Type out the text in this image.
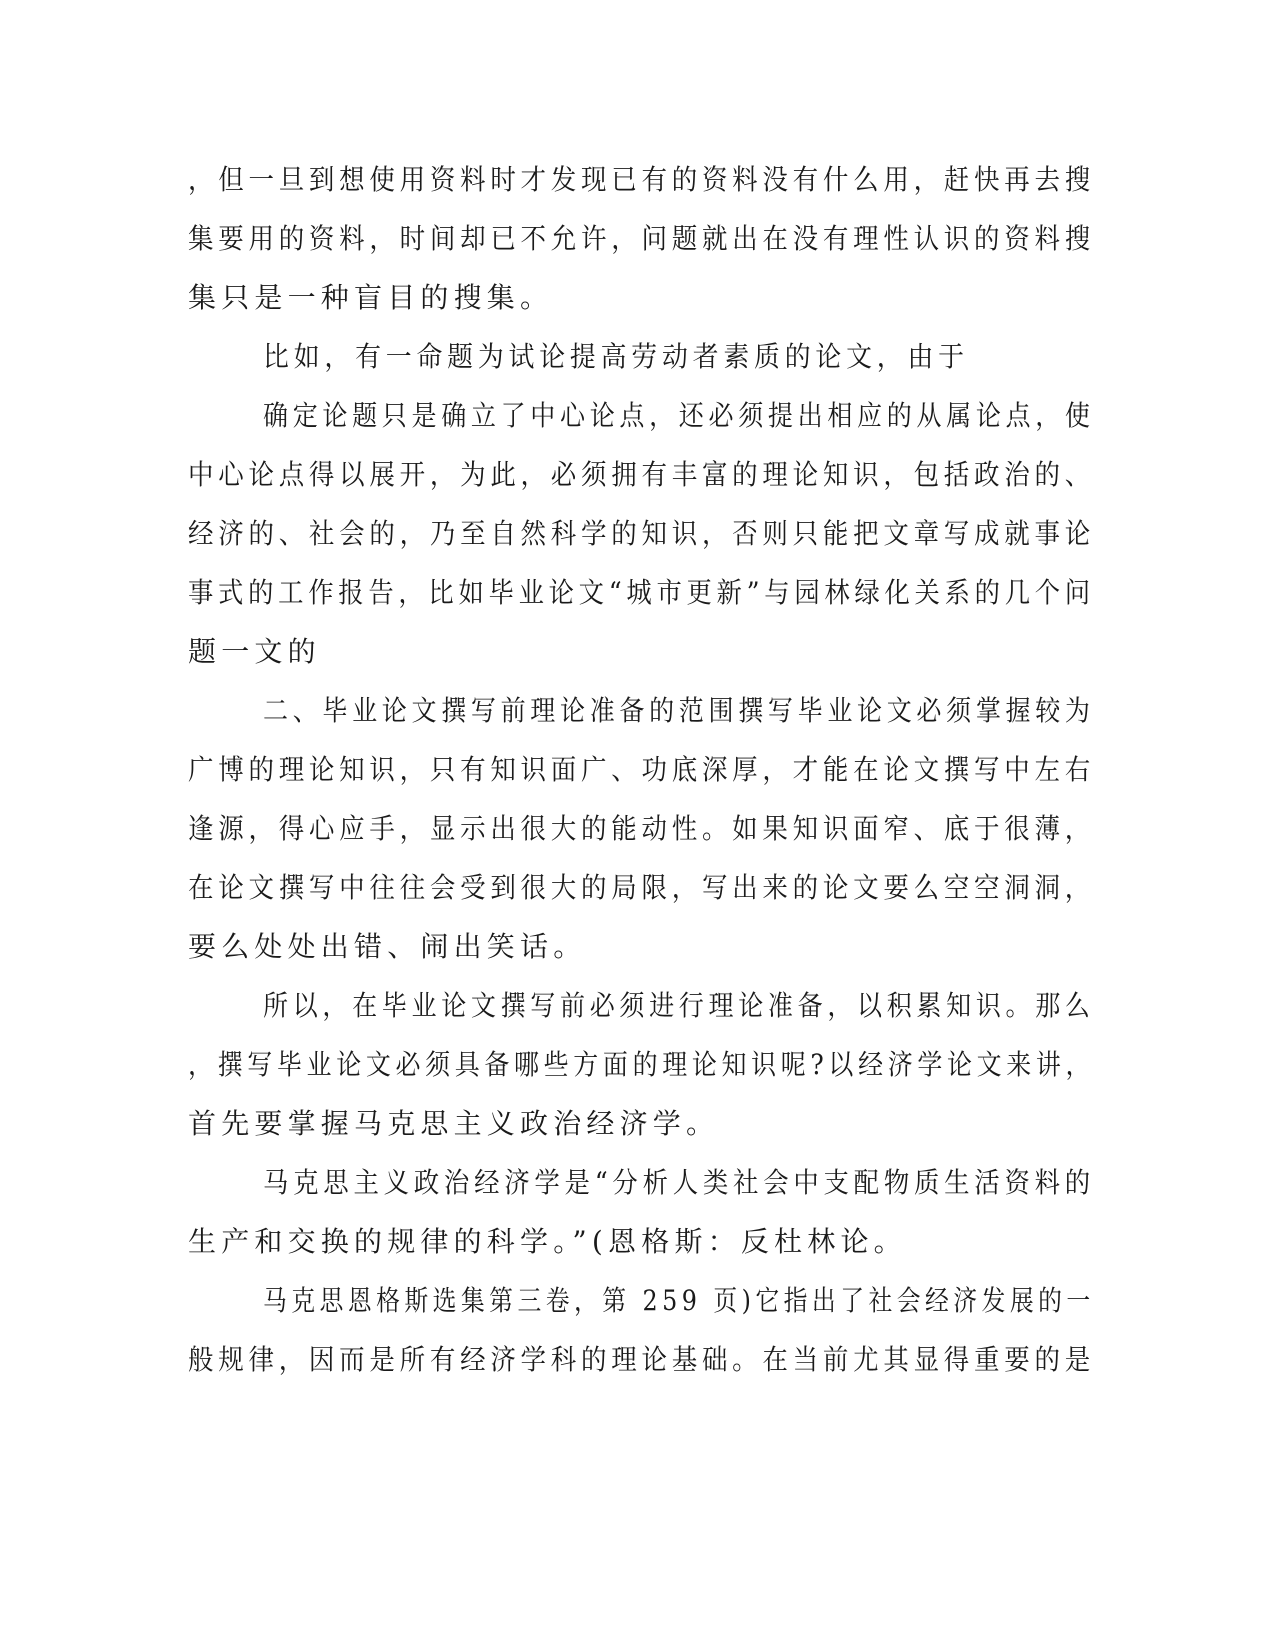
，但一旦到想使用资料时才发现已有的资料没有什么用，赶快再去搜
集要用的资料，时间却已不允许，问题就出在没有理性认识的资料搜
集只是一种盲目的搜集。
比如，有一命题为试论提高劳动者素质的论文，由于
确定论题只是确立了中心论点，还必须提出相应的从属论点，使
中心论点得以展开，为此，必须拥有丰富的理论知识，包括政治的、
经济的、社会的，乃至自然科学的知识，否则只能把文章写成就事论
事式的工作报告，比如毕业论文“城市更新”与园林绿化关系的几个问
题一文的
二、毕业论文撰写前理论准备的范围撰写毕业论文必须掌握较为
广博的理论知识，只有知识面广、功底深厚，才能在论文撰写中左右
逢源，得心应手，显示出很大的能动性。如果知识面窄、底于很薄，
在论文撰写中往往会受到很大的局限，写出来的论文要么空空洞洞，
要么处处出错、闹出笑话。
所以，在毕业论文撰写前必须进行理论准备，以积累知识。那么
，撰写毕业论文必须具备哪些方面的理论知识呢?以经济学论文来讲，
首先要掌握马克思主义政治经济学。
马克思主义政治经济学是“分析人类社会中支配物质生活资料的
生产和交换的规律的科学。”(恩格斯：反杜林论。
马克思恩格斯选集第三卷，第 259 页)它指出了社会经济发展的一
般规律，因而是所有经济学科的理论基础。在当前尤其显得重要的是
